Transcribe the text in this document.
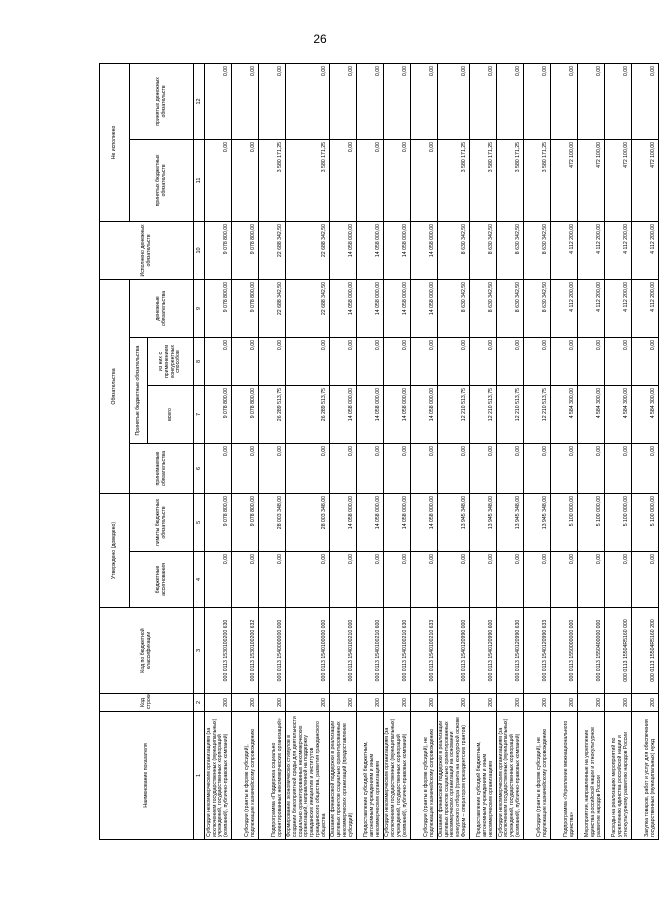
26
Наименование показателя	Код строки	Код по бюджетной классификации	Утверждено (доведено)		Обязательства				Исполнено денежных обязательств	Не исполнено	
			бюджетные ассигнования	лимиты бюджетных обязательств	принимаемые обязательства	Принятые бюджетные обязательства		денежные обязательства		принятых бюджетных обязательств	принятых денежных обязательств
						всего	из них с применением конкурентных способов				
1	2	3	4	5	6	7	8	9	10	11	12
Субсидии некоммерческим организациям (за исключением государственных (муниципальных) учреждений, государственных корпораций (компаний), публично-правовых компаний)	200	000 0113 1530100200 630	0,00	9 078 800,00	0,00	9 078 800,00	0,00	9 078 800,00	9 078 800,00	0,00	0,00
Субсидии (гранты в форме субсидий), подлежащие казначейскому сопровождению	200	000 0113 1530100200 632	0,00	9 078 800,00	0,00	9 078 800,00	0,00	9 078 800,00	9 078 800,00	0,00	0,00
Подпрограмма «Поддержка социально ориентированных некоммерческих организаций»	200	000 0113 1540000000 000	0,00	28 003 348,00	0,00	26 289 513,75	0,00	22 688 342,50	22 688 342,50	3 580 171,25	0,00
Формирование экономических стимулов в создании благоприятной среды для деятельности социально ориентированных некоммерческих организаций, направленной на поддержку гражданских инициатив и институтов гражданского общества, развития гражданского общества	200	000 0113 1540100000 000	0,00	28 003 348,00	0,00	26 289 513,75	0,00	22 688 342,50	22 688 342,50	3 580 171,25	0,00
Оказание финансовой поддержки в реализации целевых проектов социально ориентированных некоммерческих организаций (предоставление субсидий)	200	000 0113 1540100210 000	0,00	14 058 000,00	0,00	14 058 000,00	0,00	14 058 000,00	14 058 000,00	0,00	0,00
Предоставление субсидий бюджетным, автономным учреждениям и иным некоммерческим организациям	200	000 0113 1540100210 600	0,00	14 058 000,00	0,00	14 058 000,00	0,00	14 058 000,00	14 058 000,00	0,00	0,00
Субсидии некоммерческим организациям (за исключением государственных (муниципальных) учреждений, государственных корпораций (компаний), публично-правовых компаний)	200	000 0113 1540100210 630	0,00	14 058 000,00	0,00	14 058 000,00	0,00	14 058 000,00	14 058 000,00	0,00	0,00
Субсидии (гранты в форме субсидий), не подлежащие казначейскому сопровождению	200	000 0113 1540100210 633	0,00	14 058 000,00	0,00	14 058 000,00	0,00	14 058 000,00	14 058 000,00	0,00	0,00
Оказание финансовой поддержки в реализации целевых проектов социально ориентированных некоммерческих организаций на основании конкурсного отбора (гранта на конкурсной основе Фондом – оператором президентских грантов)	200	000 0113 1540120990 000	0,00	13 945 348,00	0,00	12 210 513,75	0,00	8 630 342,50	8 630 342,50	3 580 171,25	0,00
Предоставление субсидий бюджетным, автономным учреждениям и иным некоммерческим организациям	200	000 0113 1540120990 600	0,00	13 945 348,00	0,00	12 210 513,75	0,00	8 630 342,50	8 630 342,50	3 580 171,25	0,00
Субсидии некоммерческим организациям (за исключением государственных (муниципальных) учреждений, государственных корпораций (компаний), публично-правовых компаний)	200	000 0113 1540120990 630	0,00	13 945 348,00	0,00	12 210 513,75	0,00	8 630 342,50	8 630 342,50	3 580 171,25	0,00
Субсидии (гранты в форме субсидий), не подлежащие казначейскому сопровождению	200	000 0113 1540120990 633	0,00	13 945 348,00	0,00	12 210 513,75	0,00	8 630 342,50	8 630 342,50	3 580 171,25	0,00
Подпрограмма «Укрепление межнационального единства»	200	000 0113 1550000000 000	0,00	5 100 000,00	0,00	4 584 300,00	0,00	4 112 200,00	4 112 200,00	472 100,00	0,00
Мероприятия, направленные на укрепление единства российской нации и этнокультурное развитие народов России	200	000 0113 1550400000 000	0,00	5 100 000,00	0,00	4 584 300,00	0,00	4 112 200,00	4 112 200,00	472 100,00	0,00
Расходы на реализацию мероприятий по укреплению единства российской нации и этнокультурному развитию народов России	200	000 0113 15504R5160 000	0,00	5 100 000,00	0,00	4 584 300,00	0,00	4 112 200,00	4 112 200,00	472 100,00	0,00
Закупка товаров, работ и услуг для обеспечения государственных (муниципальных) нужд	200	000 0113 15504R5160 200	0,00	5 100 000,00	0,00	4 584 300,00	0,00	4 112 200,00	4 112 200,00	472 100,00	0,00
